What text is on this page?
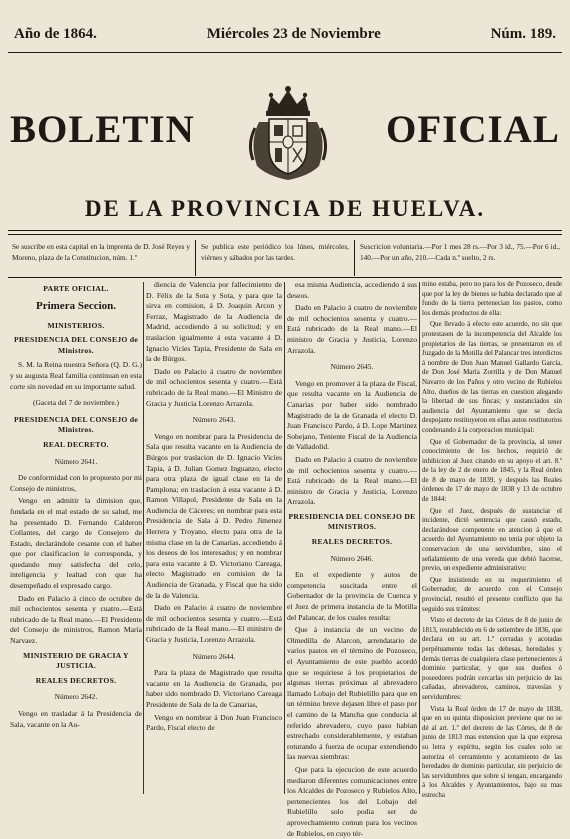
Año de 1864.	Miércoles 23 de Noviembre	Núm. 189.
BOLETIN	OFICIAL
DE LA PROVINCIA DE HUELVA.
Se suscribe en esta capital en la imprenta de D. José Reyes y Moreno, plaza de la Constitucion, núm. 1.º
Se publica este periódico los lúnes, miércoles, viérnes y sábados por las tardes.
Suscricion voluntaria.—Por 1 mes 28 rs.—Por 3 id., 75.—Por 6 id., 140.—Por un año, 210.—Cada n.º suelto, 2 rs.

PARTE OFICIAL.

Primera Seccion.

MINISTERIOS.

PRESIDENCIA DEL CONSEJO de Ministros.

S. M. la Reina nuestra Señora (Q. D. G.) y su augusta Real familia continuan en esta corte sin novedad en su importante salud.

(Gaceta del 7 de noviembre.)

PRESIDENCIA DEL CONSEJO de Ministros.

REAL DECRETO.

Número 2641.

De conformidad con lo propuesto por mi Consejo de ministros,

Vengo en admitir la dimision que, fundada en el mal estado de su salud, me ha presentado D. Fernando Calderon Collantes, del cargo de Consejero de Estado, declarándole cesante con el haber que por clasificacion le corresponda, y quedando muy satisfecha del celo, inteligencia y lealtad con que ha desempeñado el expresado cargo.

Dado en Palacio á cinco de octubre de mil ochocientos sesenta y cuatro.—Está rubricado de la Real mano.—El Presidente del Consejo de ministros, Ramon María Narvaez.

MINISTERIO DE GRACIA Y JUSTICIA.

REALES DECRETOS.

Número 2642.

Vengo en trasladar á la Presidencia de Sala, vacante en la Au-

diencia de Valencia por fallecimiento de D. Félix de la Sota y Sota, y para que la sirva en comision, á D. Joaquin Arcon y Ferraz, Magistrado de la Audiencia de Madrid, accediendo á su solicitud; y en traslacion igualmente á esta vacante á D. Ignacio Vicíes Tapia, Presidente de Sala en la de Búrgos.

Dado en Palacio á cuatro de noviembre de mil ochocientos sesenta y cuatro.—Está rubricado de la Real mano.—El Ministro de Gracia y Justicia Lorenzo Arrazola.

Número 2643.

Vengo en nombrar para la Presidencia de Sala que resulta vacante en la Audiencia de Búrgos por traslacion de D. Ignacio Vicíes Tapia, á D. Julian Gomez Inguanzo, electo para otra plaza de igual clase en la de Pamplona; en traslacion á esta vacante á D. Ramon Villapol, Presidente de Sala en la Audiencia de Cáceres; en nombrar para esta Presidencia de Sala á D. Pedro Jimenez Herrera y Troyano, electo para otra de la misma clase en la de Canarias, accediendo á los deseos de los interesados; y en nombrar para esta vacante á D. Victoriano Careaga, electo Magistrado en comision de la Audiencia de Granada, y Fiscal que ha sido de la de Valencia.

Dado en Palacio á cuatro de noviembre de mil ochocientos sesenta y cuatro.—Está rubricado de la Real mano.—El ministro de Gracia y Justicia, Lorenzo Arrazola.

Número 2644.

Para la plaza de Magistrado que resulta vacante en la Audiencia de Granada, por haber sido nombrado D. Victoriano Careaga Presidente de Sala de la de Canarias,

Vengo en nombrar á Don Juan Francisco Pardo, Fiscal electo de

esa misma Audiencia, accediendo á sus deseos.

Dado en Palacio á cuatro de noviembre de mil ochocientos sesenta y cuatro.—Está rubricado de la Real mano.—El ministro de Gracia y Justicia, Lorenzo Arrazola.

Número 2645.

Vengo en promover á la plaza de Fiscal, que resulta vacante en la Audiencia de Canarias por haber sido nombrado Magistrado de la de Granada el electo D. Juan Francisco Pardo, á D. Lope Martinez Sobejano, Teniente Fiscal de la Audiencia de Valladolid.

Dado en Palacio á cuatro de noviembre de mil ochocientos sesenta y cuatro.—Está rubricado de la Real mano.—El ministro de Gracia y Justicia, Lorenzo Arrazola.

PRESIDENCIA DEL CONSEJO DE MINISTROS.

REALES DECRETOS.

Número 2646.

En el expediente y autos de competencia suscitada entre el Gobernador de la provincia de Cuenca y el Juez de primera instancia de la Motilla del Palancar, de los cuales resulta:

Que á instancia de un vecino de Olmedilla de Alarcon, arrendatario de varios pastos en el término de Pozoseco, el Ayuntamiento de este pueblo acordó que se requiriese á los propietarios de algunas tierras próximas al abrevadero llamado Lobajo del Rubielillo para que en un término breve dejasen libre el paso por el camino de la Mancha que conducia al referido abrevadero, cuyo paso habian estrechado considerablemente, y estaban roturando á fuerza de ocupar extendiendo las nuevas siembras:

Que para la ejecucion de este acuerdo mediaron diferentes comunicaciones entre los Alcaldes de Pozoseco y Rubielos Alto, pertenecientes los del Lobajo del Rubielillo solo podia ser de aprovechamiento comun para los vecinos de Rubielos, en cuyo tér-

mino estaba, pero no para los de Pozoseco, desde que por la ley de bienes se habia declarado que al fundo de la tierra pertenecian los pastos, como los demás productos de ella:

Que llevado á efecto este acuerdo, no sin que protestasen de la incompetencia del Alcalde los propietarios de las tierras, se presentaron en el Juzgado de la Motilla del Palancar tres interdictos á nombre de Don Juan Manuel Gallardo García, de Don José María Zorrilla y de Don Manuel Navarro de los Paños y otro vecino de Rubielos Alto, dueños de las tierras en cuestion alegando la libertad de sus fincas; y sustanciados sin audiencia del Ayuntamiento que se decía despojante restituyeron en ellas autos restitutorios condenando á la corporacion municipal:

Que el Gobernador de la provincia, al tener conocimiento de los hechos, requirió de inhibicion al Juez citando en su apoyo el art. 8.º de la ley de 2 de enero de 1845, y la Real órden de 8 de mayo de 1839, y después las Reales órdenes de 17 de mayo de 1838 y 13 de octubre de 1844:

Que el Juez, después de sustanciar el incidente, dictó sentencia que causó estado, declarándose competente en atencion á que el acuerdo del Ayuntamiento no tenia por objeto la conservacion de una servidumbre, sino el señalamiento de una vereda que debió hacerse, previo, un expediente administrativo:

Que insistiendo en su requerimiento el Gobernador, de acuerdo con el Consejo provincial, resultó el presente conflicto que ha seguido sus trámites:

Visto el decreto de las Córtes de 8 de junio de 1813, restablecido en 6 de setiembre de 1836, que declara en su art. 1.º cerradas y acotadas perpétuamente todas las dehesas, heredades y demás tierras de cualquiera clase pertenecientes á dominio particular, y que sus dueños ó poseedores podrán cercarlas sin perjuicio de las cañadas, abrevaderos, caminos, travesías y servidumbres:

Vista la Real órden de 17 de mayo de 1838, que en su quinta disposicion previene que no se dé al art. 1.º del decreto de las Córtes, de 8 de junio de 1813 mas extension que la que expresa su letra y espíritu, según los cuales solo se autoriza el cerramiento y acotamiento de las heredades de dominio particular, sin perjuicio de las servidumbres que sobre sí tengan, encargando á los Alcaldes y Ayuntamientos, bajo su mas estrecha
